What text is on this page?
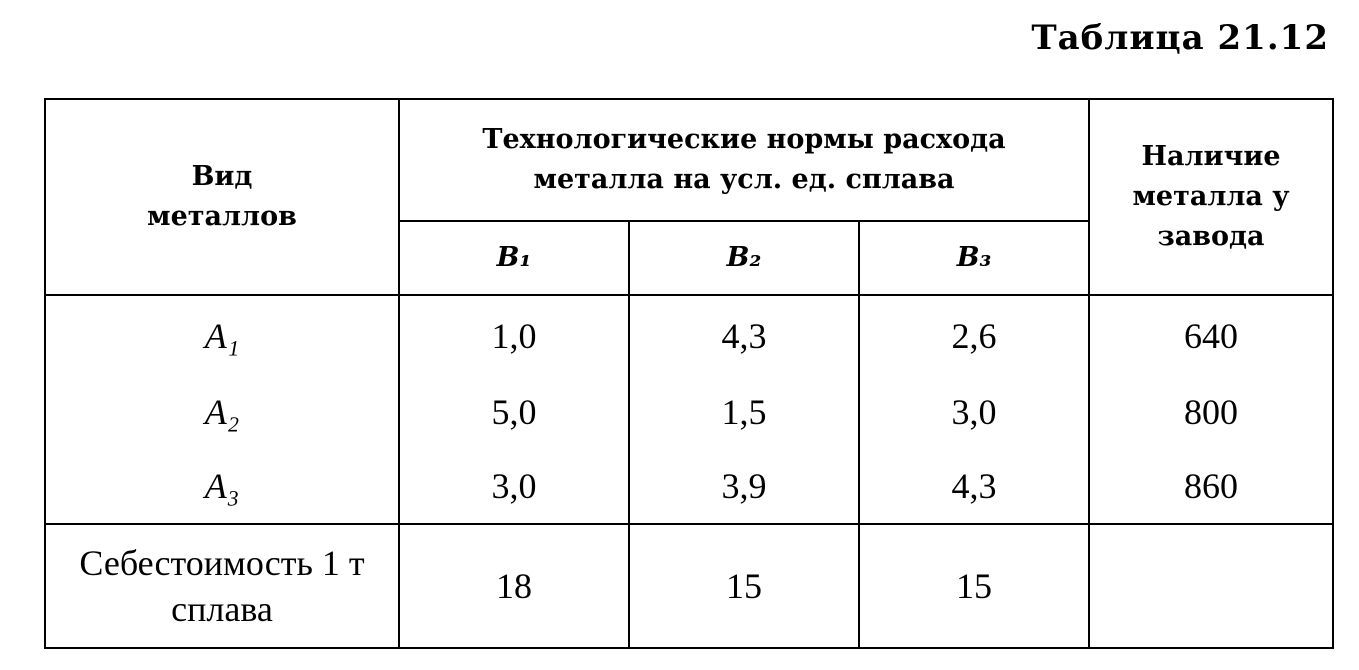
Таблица 21.12
Вид металлов	Технологические нормы расхода металла на усл. ед. сплава			Наличие металла у завода
	B₁	B₂	B₃	
A₁	1,0	4,3	2,6	640
A₂	5,0	1,5	3,0	800
A₃	3,0	3,9	4,3	860
Себестоимость 1 т сплава	18	15	15	
